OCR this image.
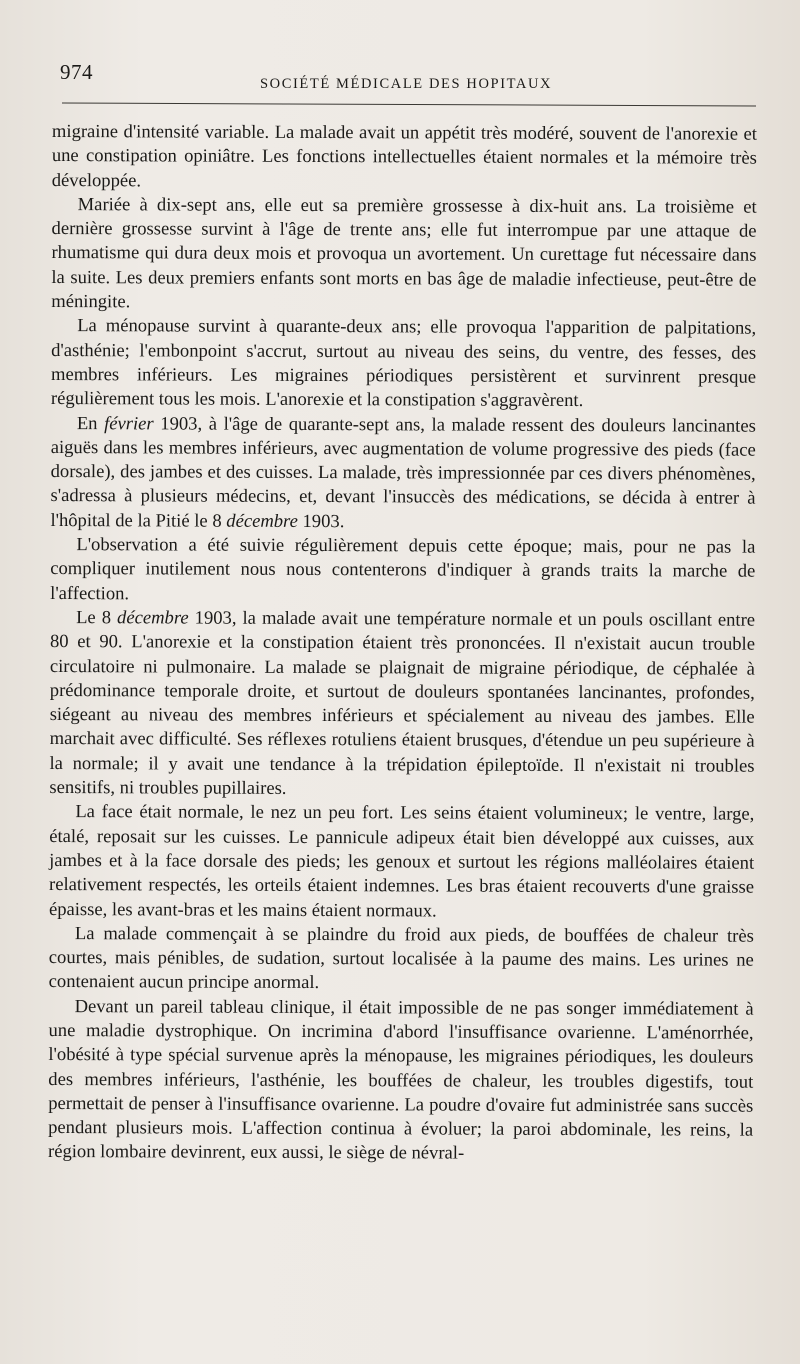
974	SOCIÉTÉ MÉDICALE DES HOPITAUX

migraine d'intensité variable. La malade avait un appétit très modéré, souvent de l'anorexie et une constipation opiniâtre. Les fonctions intellectuelles étaient normales et la mémoire très développée.

Mariée à dix-sept ans, elle eut sa première grossesse à dix-huit ans. La troisième et dernière grossesse survint à l'âge de trente ans; elle fut interrompue par une attaque de rhumatisme qui dura deux mois et provoqua un avortement. Un curettage fut nécessaire dans la suite. Les deux premiers enfants sont morts en bas âge de maladie infectieuse, peut-être de méningite.

La ménopause survint à quarante-deux ans; elle provoqua l'apparition de palpitations, d'asthénie; l'embonpoint s'accrut, surtout au niveau des seins, du ventre, des fesses, des membres inférieurs. Les migraines périodiques persistèrent et survinrent presque régulièrement tous les mois. L'anorexie et la constipation s'aggravèrent.

En février 1903, à l'âge de quarante-sept ans, la malade ressent des douleurs lancinantes aiguës dans les membres inférieurs, avec augmentation de volume progressive des pieds (face dorsale), des jambes et des cuisses. La malade, très impressionnée par ces divers phénomènes, s'adressa à plusieurs médecins, et, devant l'insuccès des médications, se décida à entrer à l'hôpital de la Pitié le 8 décembre 1903.

L'observation a été suivie régulièrement depuis cette époque; mais, pour ne pas la compliquer inutilement nous nous contenterons d'indiquer à grands traits la marche de l'affection.

Le 8 décembre 1903, la malade avait une température normale et un pouls oscillant entre 80 et 90. L'anorexie et la constipation étaient très prononcées. Il n'existait aucun trouble circulatoire ni pulmonaire. La malade se plaignait de migraine périodique, de céphalée à prédominance temporale droite, et surtout de douleurs spontanées lancinantes, profondes, siégeant au niveau des membres inférieurs et spécialement au niveau des jambes. Elle marchait avec difficulté. Ses réflexes rotuliens étaient brusques, d'étendue un peu supérieure à la normale; il y avait une tendance à la trépidation épileptoïde. Il n'existait ni troubles sensitifs, ni troubles pupillaires.

La face était normale, le nez un peu fort. Les seins étaient volumineux; le ventre, large, étalé, reposait sur les cuisses. Le pannicule adipeux était bien développé aux cuisses, aux jambes et à la face dorsale des pieds; les genoux et surtout les régions malléolaires étaient relativement respectés, les orteils étaient indemnes. Les bras étaient recouverts d'une graisse épaisse, les avant-bras et les mains étaient normaux.

La malade commençait à se plaindre du froid aux pieds, de bouffées de chaleur très courtes, mais pénibles, de sudation, surtout localisée à la paume des mains. Les urines ne contenaient aucun principe anormal.

Devant un pareil tableau clinique, il était impossible de ne pas songer immédiatement à une maladie dystrophique. On incrimina d'abord l'insuffisance ovarienne. L'aménorrhée, l'obésité à type spécial survenue après la ménopause, les migraines périodiques, les douleurs des membres inférieurs, l'asthénie, les bouffées de chaleur, les troubles digestifs, tout permettait de penser à l'insuffisance ovarienne. La poudre d'ovaire fut administrée sans succès pendant plusieurs mois. L'affection continua à évoluer; la paroi abdominale, les reins, la région lombaire devinrent, eux aussi, le siège de névral-
